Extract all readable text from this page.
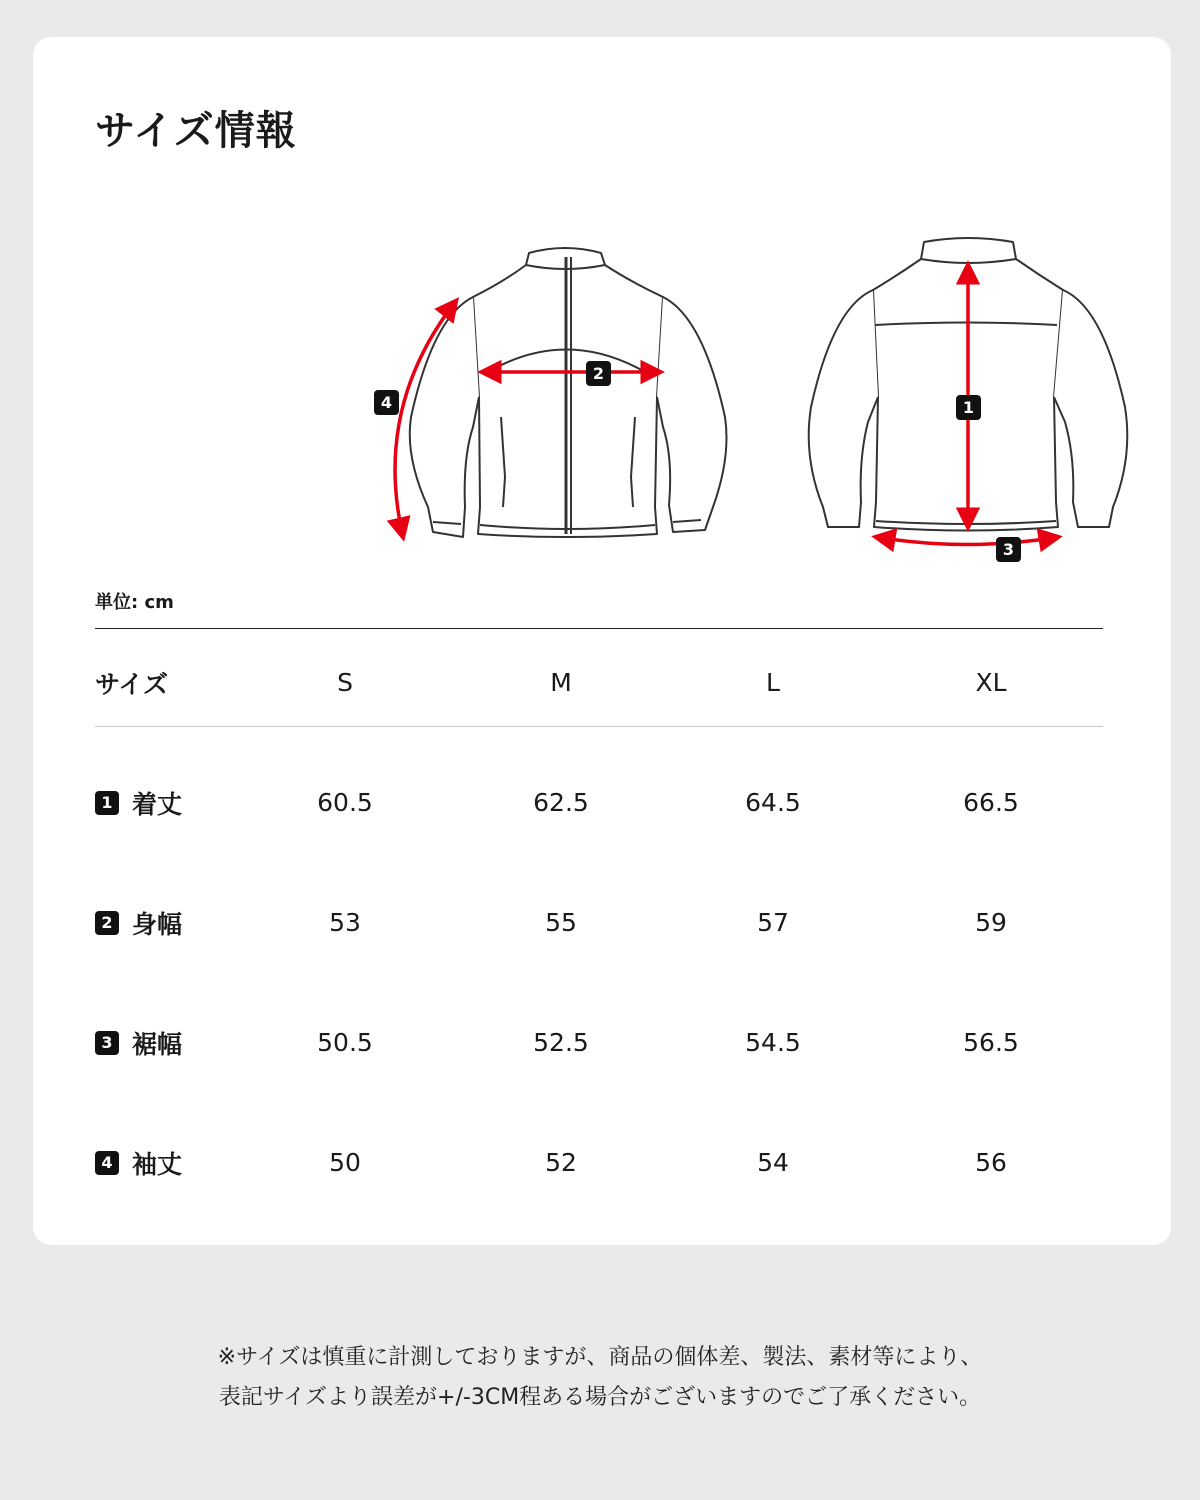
サイズ情報
4
2
1
3
単位: cm
サイズ	S	M	L	XL
1 着丈	60.5	62.5	64.5	66.5
2 身幅	53	55	57	59
3 裾幅	50.5	52.5	54.5	56.5
4 袖丈	50	52	54	56

※サイズは慎重に計測しておりますが、商品の個体差、製法、素材等により、

表記サイズより誤差が+/-3CM程ある場合がございますのでご了承ください。
